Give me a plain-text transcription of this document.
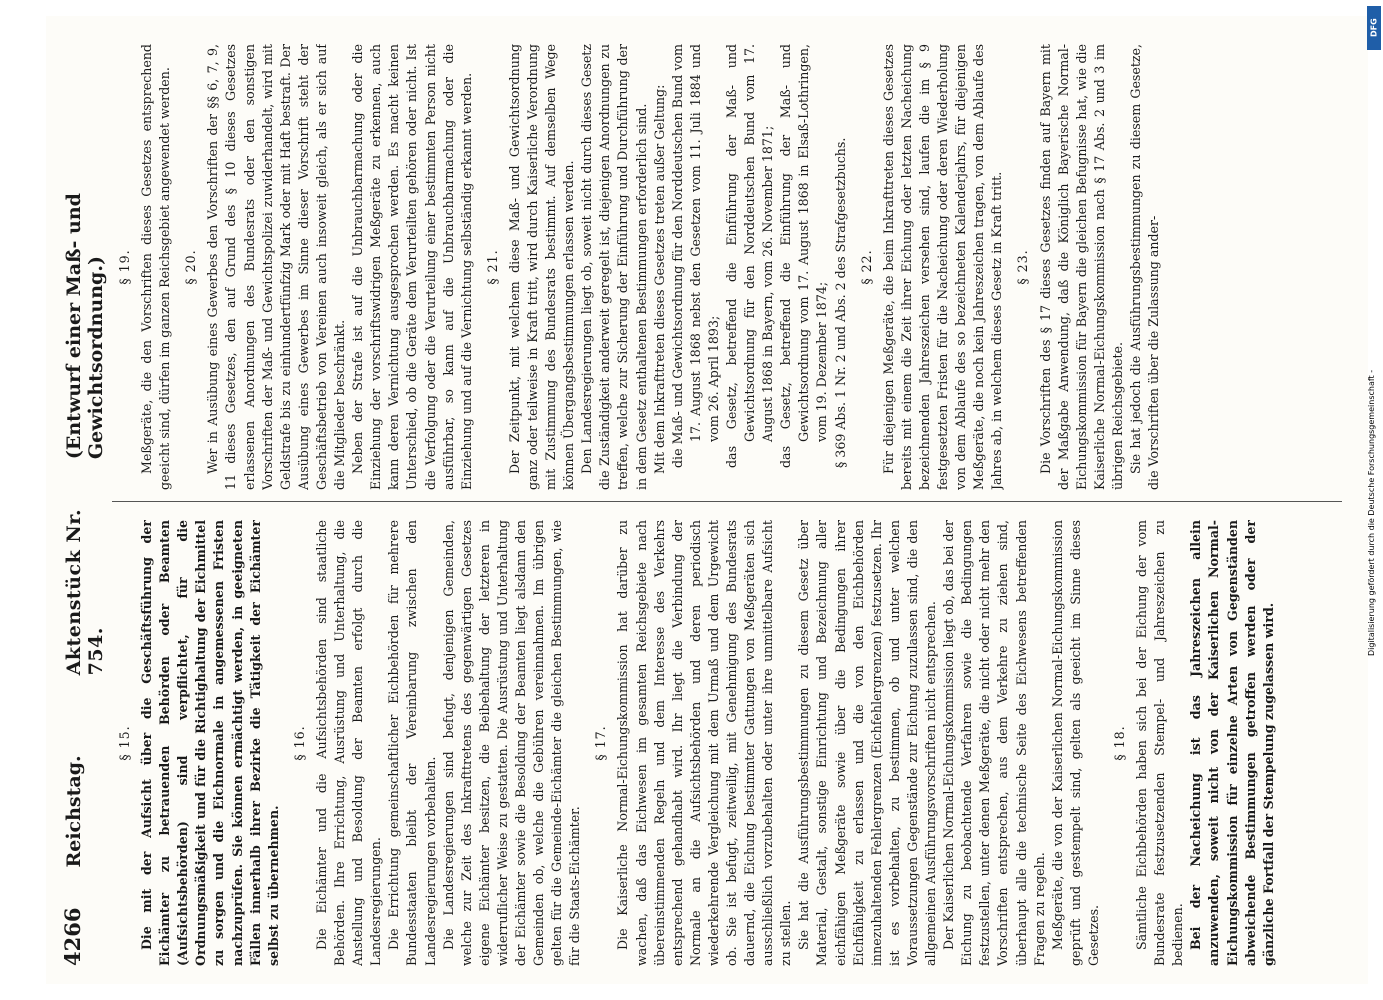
4266
Reichstag.
Aktenstück Nr. 754.
(Entwurf einer Maß- und Gewichtsordnung.)
§ 15. Die mit der Aufsicht über die Geschäftsführung der Eichämter zu betrauenden Behörden oder Beamten (Aufsichtsbehörden) sind verpflichtet, für die Ordnungsmäßigkeit und für die Richtighaltung der Eichmittel zu sorgen und die Eichnormale in angemessenen Fristen nachzuprüfen. Sie können ermächtigt werden, in geeigneten Fällen innerhalb ihrer Bezirke die Tätigkeit der Eichämter selbst zu übernehmen.

§ 16. Die Eichämter und die Aufsichtsbehörden sind staatliche Behörden. Ihre Errichtung, Ausrüstung und Unterhaltung, die Anstellung und Besoldung der Beamten erfolgt durch die Landesregierungen. Die Errichtung gemeinschaftlicher Eichbehörden für mehrere Bundesstaaten bleibt der Vereinbarung zwischen den Landesregierungen vorbehalten. Die Landesregierungen sind befugt, denjenigen Gemeinden, welche zur Zeit des Inkrafttretens des gegenwärtigen Gesetzes eigene Eichämter besitzen, die Beibehaltung der letzteren in widerruflicher Weise zu gestatten. Die Ausrüstung und Unterhaltung der Eichämter sowie die Besoldung der Beamten liegt alsdann den Gemeinden ob, welche die Gebühren vereinnahmen. Im übrigen gelten für die Gemeinde-Eichämter die gleichen Bestimmungen, wie für die Staats-Eichämter.

§ 17. Die Kaiserliche Normal-Eichungskommission hat darüber zu wachen, daß das Eichwesen im gesamten Reichsgebiete nach übereinstimmenden Regeln und dem Interesse des Verkehrs entsprechend gehandhabt wird. Ihr liegt die Verbindung der Normale an die Aufsichtsbehörden und deren periodisch wiederkehrende Vergleichung mit dem Urmaß und dem Urgewicht ob. Sie ist befugt, zeitweilig, mit Genehmigung des Bundesrats dauernd, die Eichung bestimmter Gattungen von Meßgeräten sich ausschließlich vorzubehalten oder unter ihre unmittelbare Aufsicht zu stellen. Sie hat die Ausführungsbestimmungen zu diesem Gesetz über Material, Gestalt, sonstige Einrichtung und Bezeichnung aller eichfähigen Meßgeräte sowie über die Bedingungen ihrer Eichfähigkeit zu erlassen und die von den Eichbehörden innezuhaltenden Fehlergrenzen (Eichfehlergrenzen) festzusetzen. Ihr ist es vorbehalten, zu bestimmen, ob und unter welchen Voraussetzungen Gegenstände zur Eichung zuzulassen sind, die den allgemeinen Ausführungsvorschriften nicht entsprechen. Der Kaiserlichen Normal-Eichungskommission liegt ob, das bei der Eichung zu beobachtende Verfahren sowie die Bedingungen festzustellen, unter denen Meßgeräte, die nicht oder nicht mehr den Vorschriften entsprechen, aus dem Verkehre zu ziehen sind, überhaupt alle die technische Seite des Eichwesens betreffenden Fragen zu regeln. Meßgeräte, die von der Kaiserlichen Normal-Eichungskommission geprüft und gestempelt sind, gelten als geeicht im Sinne dieses Gesetzes.

§ 18. Sämtliche Eichbehörden haben sich bei der Eichung der vom Bundesrate festzusetzenden Stempel- und Jahreszeichen zu bedienen. Bei der Nacheichung ist das Jahreszeichen allein anzuwenden, soweit nicht von der Kaiserlichen Normal-Eichungskommission für einzelne Arten von Gegenständen abweichende Bestimmungen getroffen werden oder der gänzliche Fortfall der Stempelung zugelassen wird.

§ 19. Meßgeräte, die den Vorschriften dieses Gesetzes entsprechend geeicht sind, dürfen im ganzen Reichsgebiet angewendet werden. § 20. Wer in Ausübung eines Gewerbes den Vorschriften der §§ 6, 7, 9, 11 dieses Gesetzes, den auf Grund des § 10 dieses Gesetzes erlassenen Anordnungen des Bundesrats oder den sonstigen Vorschriften der Maß- und Gewichtspolizei zuwiderhandelt, wird mit Geldstrafe bis zu einhundertfünfzig Mark oder mit Haft bestraft. Der Ausübung eines Gewerbes im Sinne dieser Vorschrift steht der Geschäftsbetrieb von Vereinen auch insoweit gleich, als er sich auf die Mitglieder beschränkt. Neben der Strafe ist auf die Unbrauchbarmachung oder die Einziehung der vorschriftswidrigen Meßgeräte zu erkennen, auch kann deren Vernichtung ausgesprochen werden. Es macht keinen Unterschied, ob die Geräte dem Verurteilten gehören oder nicht. Ist die Verfolgung oder die Verurteilung einer bestimmten Person nicht ausführbar, so kann auf die Unbrauchbarmachung oder die Einziehung und auf die Vernichtung selbständig erkannt werden. § 21. Der Zeitpunkt, mit welchem diese Maß- und Gewichtsordnung ganz oder teilweise in Kraft tritt, wird durch Kaiserliche Verordnung mit Zustimmung des Bundesrats bestimmt. Auf demselben Wege können Übergangsbestimmungen erlassen werden. Den Landesregierungen liegt ob, soweit nicht durch dieses Gesetz die Zuständigkeit anderweit geregelt ist, diejenigen Anordnungen zu treffen, welche zur Sicherung der Einführung und Durchführung der in dem Gesetz enthaltenen Bestimmungen erforderlich sind. Mit dem Inkrafttreten dieses Gesetzes treten außer Geltung: die Maß- und Gewichtsordnung für den Norddeutschen Bund vom 17. August 1868 nebst den Gesetzen vom 11. Juli 1884 und vom 26. April 1893; das Gesetz, betreffend die Einführung der Maß- und Gewichtsordnung für den Norddeutschen Bund vom 17. August 1868 in Bayern, vom 26. November 1871; das Gesetz, betreffend die Einführung der Maß- und Gewichtsordnung vom 17. August 1868 in Elsaß-Lothringen, vom 19. Dezember 1874; § 369 Abs. 1 Nr. 2 und Abs. 2 des Strafgesetzbuchs. § 22. Für diejenigen Meßgeräte, die beim Inkrafttreten dieses Gesetzes bereits mit einem die Zeit ihrer Eichung oder letzten Nacheichung bezeichnenden Jahreszeichen versehen sind, laufen die im § 9 festgesetzten Fristen für die Nacheichung oder deren Wiederholung von dem Ablaufe des so bezeichneten Kalenderjahrs, für diejenigen Meßgeräte, die noch kein Jahreszeichen tragen, von dem Ablaufe des Jahres ab, in welchem dieses Gesetz in Kraft tritt. § 23. Die Vorschriften des § 17 dieses Gesetzes finden auf Bayern mit der Maßgabe Anwendung, daß die Königlich Bayerische Normal-Eichungskommission für Bayern die gleichen Befugnisse hat, wie die Kaiserliche Normal-Eichungskommission nach § 17 Abs. 2 und 3 im übrigen Reichsgebiete. Sie hat jedoch die Ausführungsbestimmungen zu diesem Gesetze, die Vorschriften über die Zulassung ander-

DFG
Digitalisierung gefördert durch die Deutsche Forschungsgemeinschaft -
